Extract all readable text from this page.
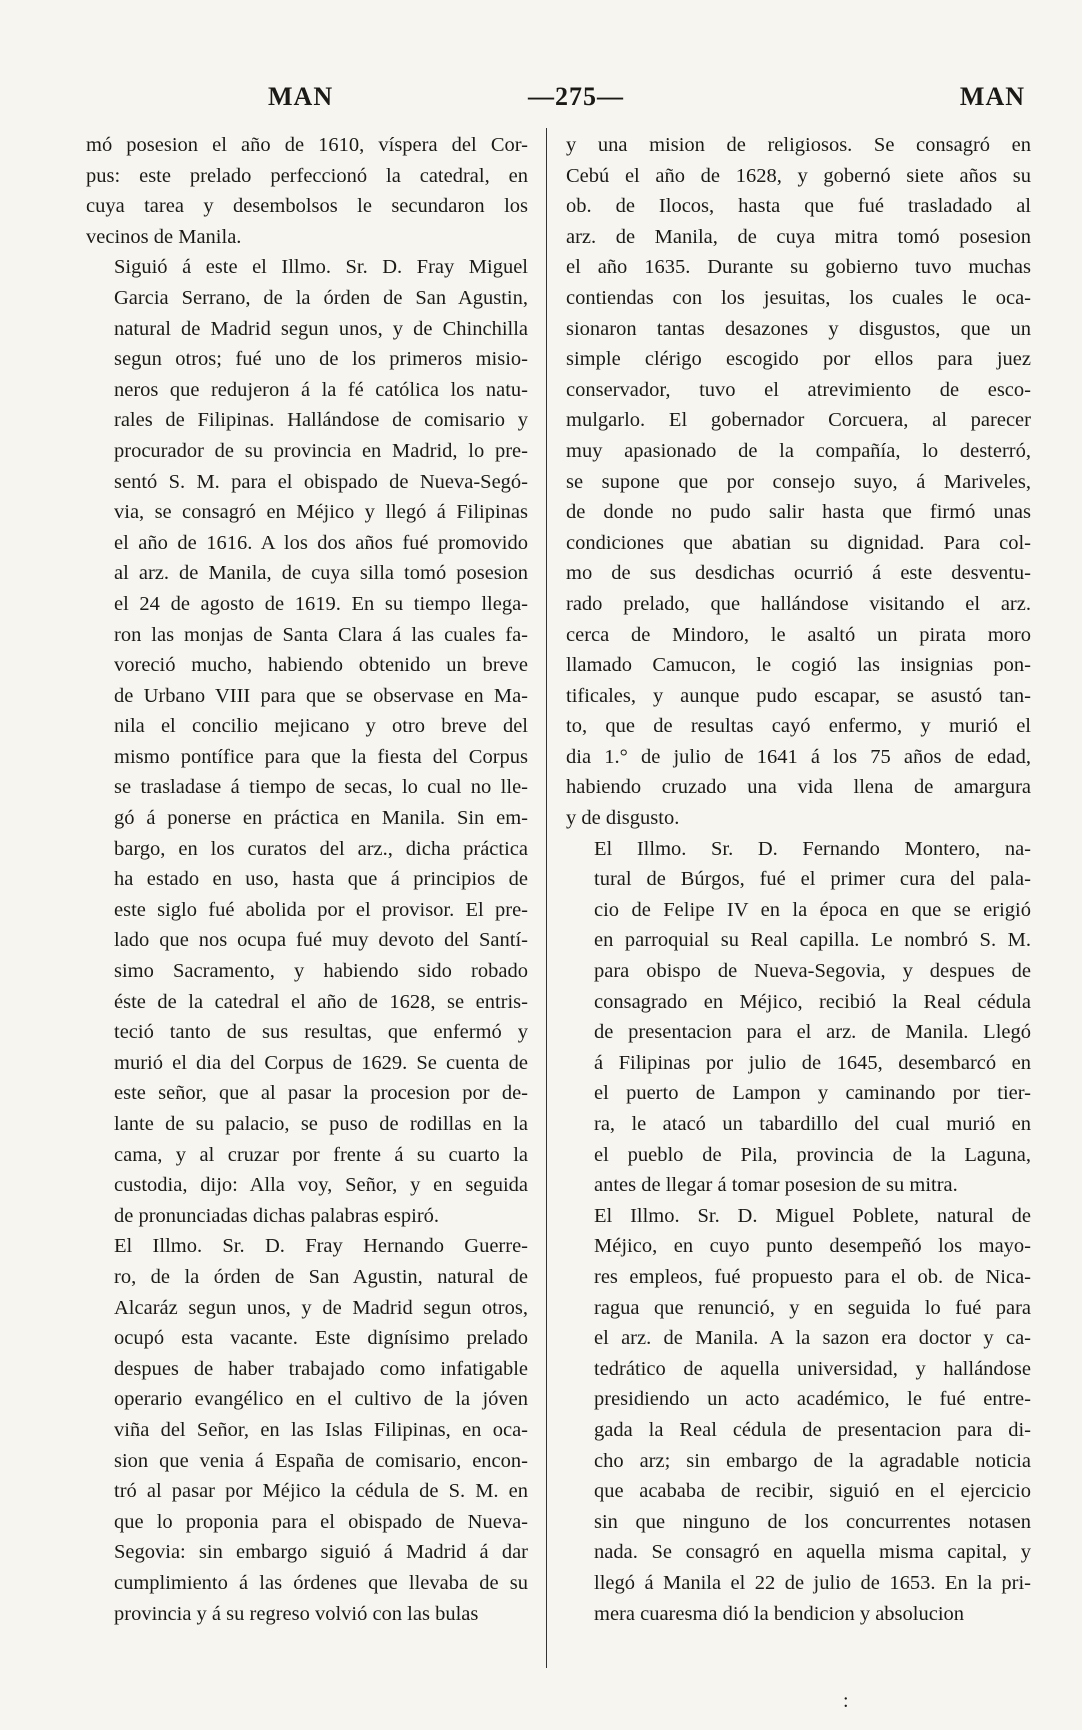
MAN	—275—	MAN
mó posesion el año de 1610, víspera del Cor-
pus: este prelado perfeccionó la catedral, en
cuya tarea y desembolsos le secundaron los
vecinos de Manila.
Siguió á este el Illmo. Sr. D. Fray Miguel
Garcia Serrano, de la órden de San Agustin,
natural de Madrid segun unos, y de Chinchilla
segun otros; fué uno de los primeros misio-
neros que redujeron á la fé católica los natu-
rales de Filipinas. Hallándose de comisario y
procurador de su provincia en Madrid, lo pre-
sentó S. M. para el obispado de Nueva-Segó-
via, se consagró en Méjico y llegó á Filipinas
el año de 1616. A los dos años fué promovido
al arz. de Manila, de cuya silla tomó posesion
el 24 de agosto de 1619. En su tiempo llega-
ron las monjas de Santa Clara á las cuales fa-
voreció mucho, habiendo obtenido un breve
de Urbano VIII para que se observase en Ma-
nila el concilio mejicano y otro breve del
mismo pontífice para que la fiesta del Corpus
se trasladase á tiempo de secas, lo cual no lle-
gó á ponerse en práctica en Manila. Sin em-
bargo, en los curatos del arz., dicha práctica
ha estado en uso, hasta que á principios de
este siglo fué abolida por el provisor. El pre-
lado que nos ocupa fué muy devoto del Santí-
simo Sacramento, y habiendo sido robado
éste de la catedral el año de 1628, se entris-
teció tanto de sus resultas, que enfermó y
murió el dia del Corpus de 1629. Se cuenta de
este señor, que al pasar la procesion por de-
lante de su palacio, se puso de rodillas en la
cama, y al cruzar por frente á su cuarto la
custodia, dijo: Alla voy, Señor, y en seguida
de pronunciadas dichas palabras espiró.
El Illmo. Sr. D. Fray Hernando Guerre-
ro, de la órden de San Agustin, natural de
Alcaráz segun unos, y de Madrid segun otros,
ocupó esta vacante. Este dignísimo prelado
despues de haber trabajado como infatigable
operario evangélico en el cultivo de la jóven
viña del Señor, en las Islas Filipinas, en oca-
sion que venia á España de comisario, encon-
tró al pasar por Méjico la cédula de S. M. en
que lo proponia para el obispado de Nueva-
Segovia: sin embargo siguió á Madrid á dar
cumplimiento á las órdenes que llevaba de su
provincia y á su regreso volvió con las bulas
y una mision de religiosos. Se consagró en
Cebú el año de 1628, y gobernó siete años su
ob. de Ilocos, hasta que fué trasladado al
arz. de Manila, de cuya mitra tomó posesion
el año 1635. Durante su gobierno tuvo muchas
contiendas con los jesuitas, los cuales le oca-
sionaron tantas desazones y disgustos, que un
simple clérigo escogido por ellos para juez
conservador, tuvo el atrevimiento de esco-
mulgarlo. El gobernador Corcuera, al parecer
muy apasionado de la compañía, lo desterró,
se supone que por consejo suyo, á Mariveles,
de donde no pudo salir hasta que firmó unas
condiciones que abatian su dignidad. Para col-
mo de sus desdichas ocurrió á este desventu-
rado prelado, que hallándose visitando el arz.
cerca de Mindoro, le asaltó un pirata moro
llamado Camucon, le cogió las insignias pon-
tificales, y aunque pudo escapar, se asustó tan-
to, que de resultas cayó enfermo, y murió el
dia 1.° de julio de 1641 á los 75 años de edad,
habiendo cruzado una vida llena de amargura
y de disgusto.
El Illmo. Sr. D. Fernando Montero, na-
tural de Búrgos, fué el primer cura del pala-
cio de Felipe IV en la época en que se erigió
en parroquial su Real capilla. Le nombró S. M.
para obispo de Nueva-Segovia, y despues de
consagrado en Méjico, recibió la Real cédula
de presentacion para el arz. de Manila. Llegó
á Filipinas por julio de 1645, desembarcó en
el puerto de Lampon y caminando por tier-
ra, le atacó un tabardillo del cual murió en
el pueblo de Pila, provincia de la Laguna,
antes de llegar á tomar posesion de su mitra.
El Illmo. Sr. D. Miguel Poblete, natural de
Méjico, en cuyo punto desempeñó los mayo-
res empleos, fué propuesto para el ob. de Nica-
ragua que renunció, y en seguida lo fué para
el arz. de Manila. A la sazon era doctor y ca-
tedrático de aquella universidad, y hallándose
presidiendo un acto académico, le fué entre-
gada la Real cédula de presentacion para di-
cho arz; sin embargo de la agradable noticia
que acababa de recibir, siguió en el ejercicio
sin que ninguno de los concurrentes notasen
nada. Se consagró en aquella misma capital, y
llegó á Manila el 22 de julio de 1653. En la pri-
mera cuaresma dió la bendicion y absolucion
:
